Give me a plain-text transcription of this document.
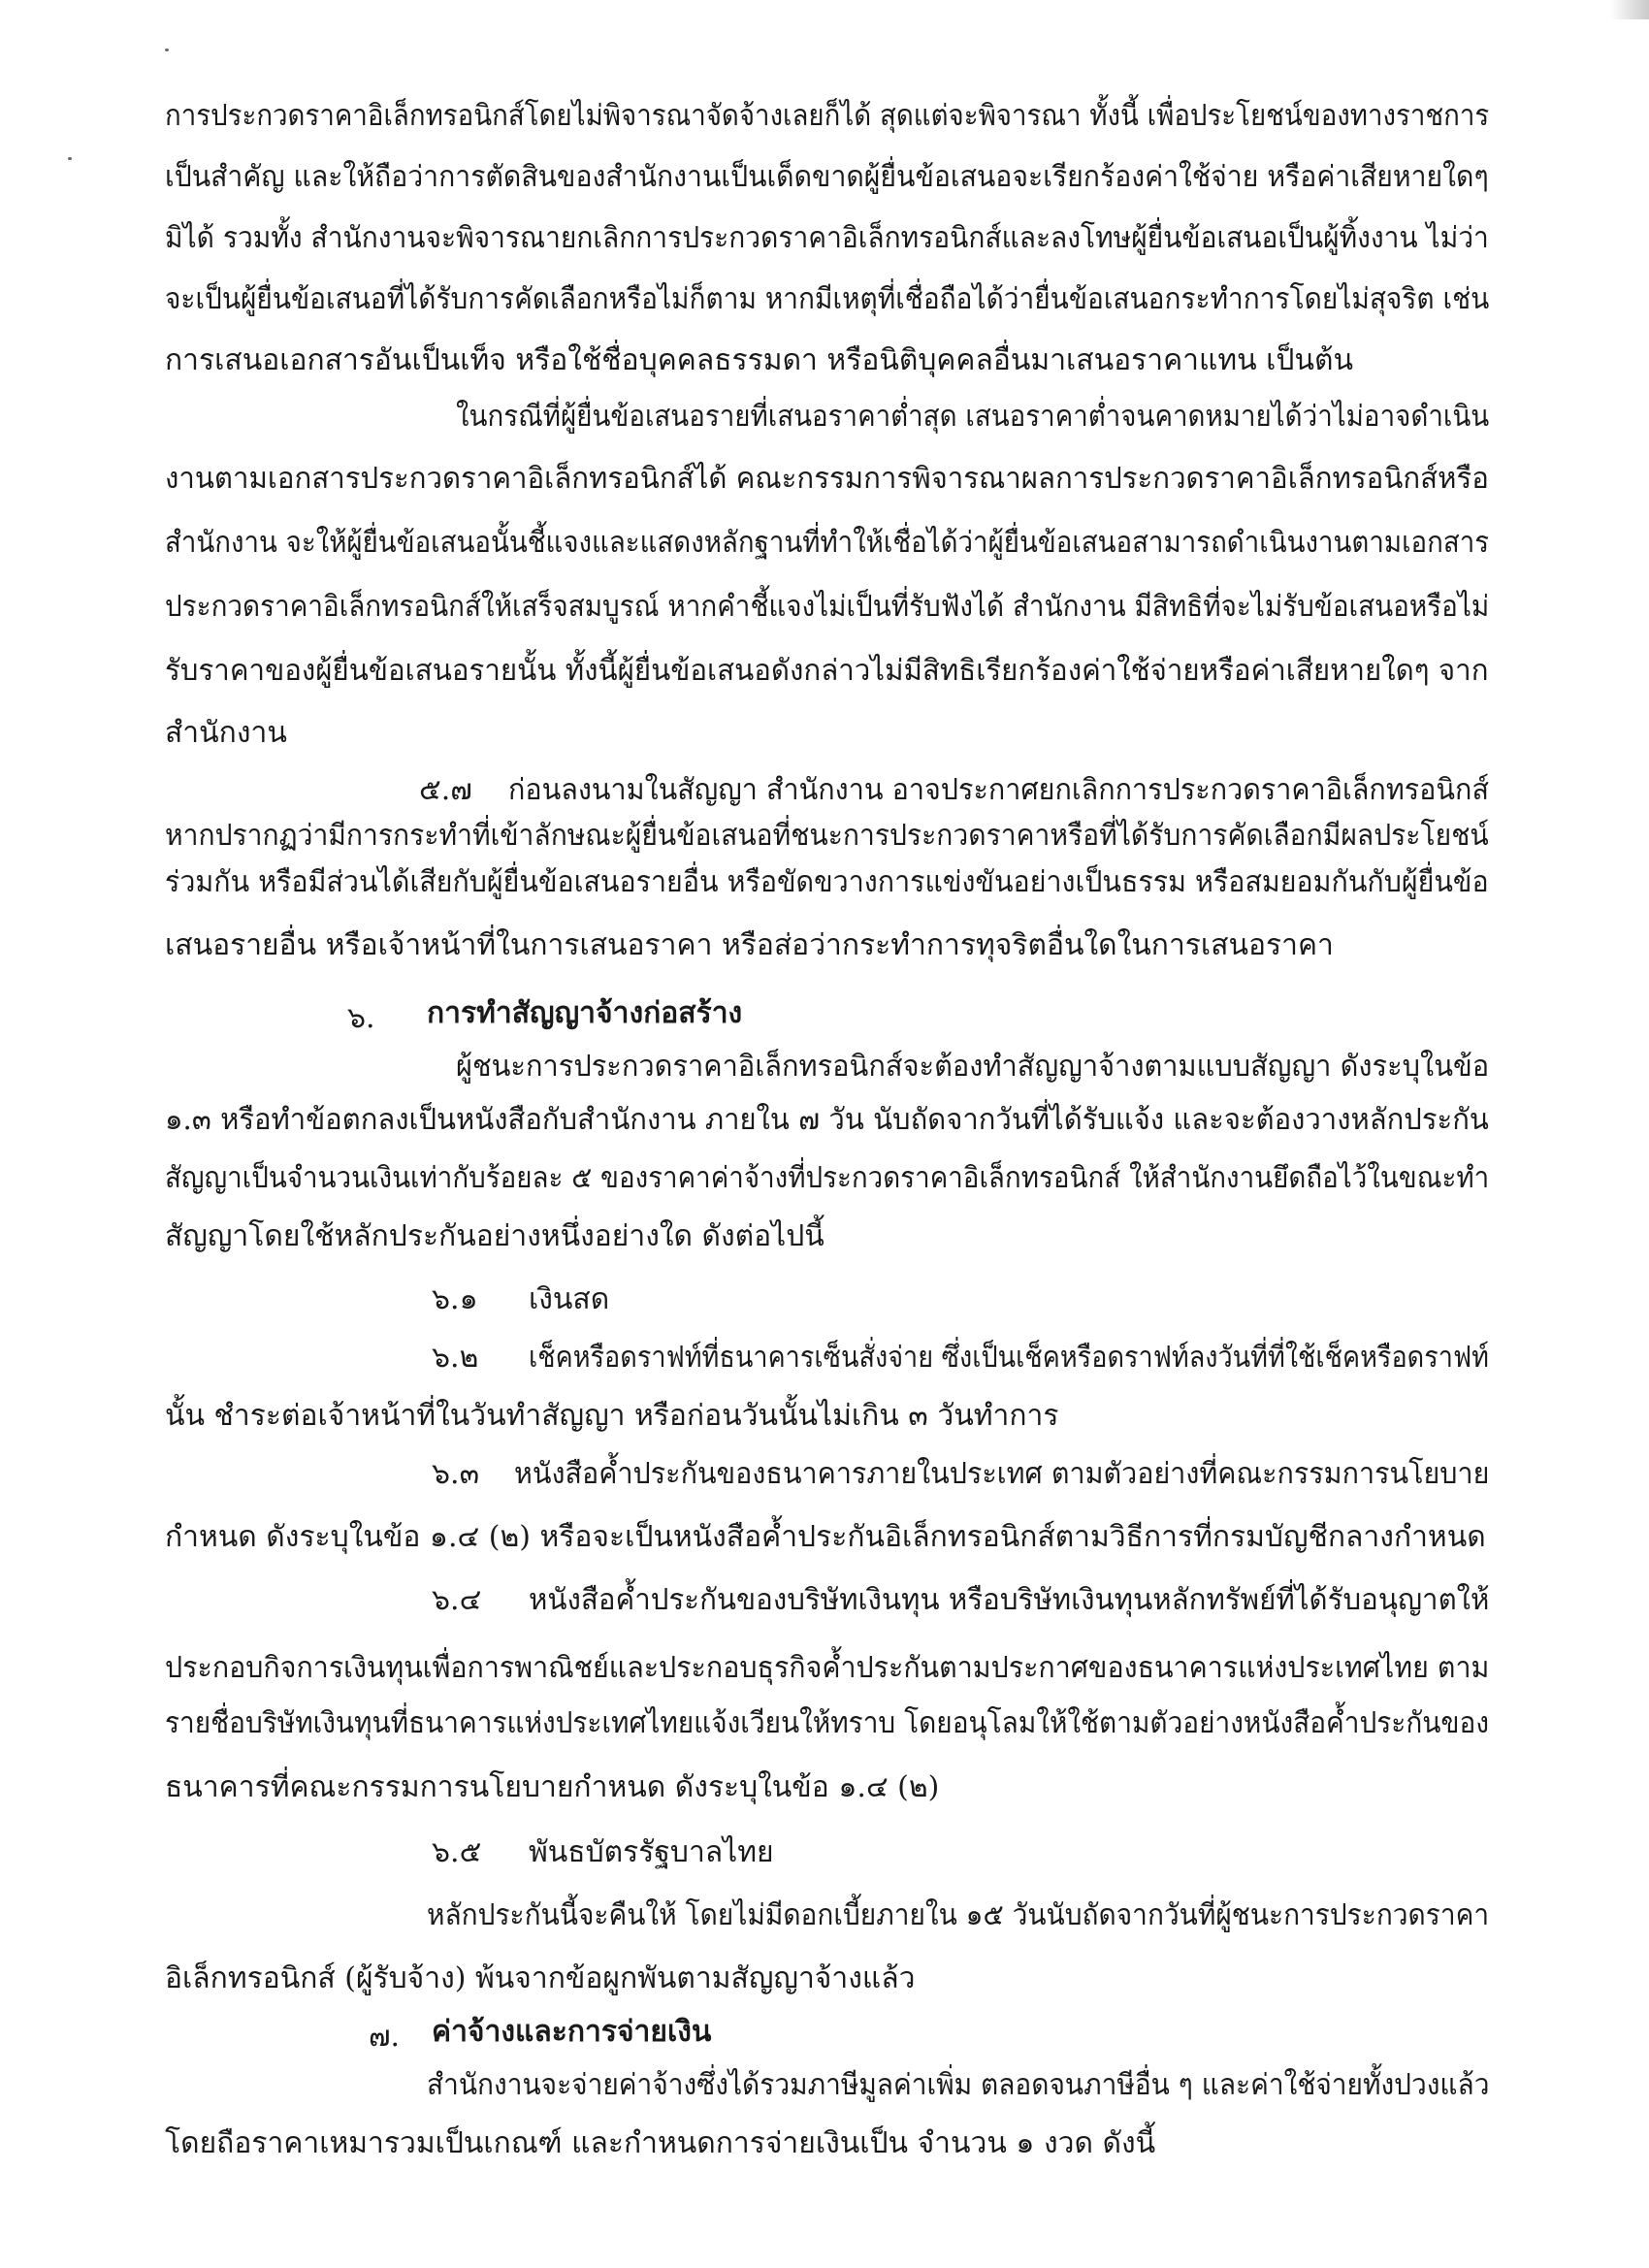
การประกวดราคาอิเล็กทรอนิกส์โดยไม่พิจารณาจัดจ้างเลยก็ได้ สุดแต่จะพิจารณา ทั้งนี้ เพื่อประโยชน์ของทางราชการ
เป็นสำคัญ และให้ถือว่าการตัดสินของสำนักงานเป็นเด็ดขาดผู้ยื่นข้อเสนอจะเรียกร้องค่าใช้จ่าย หรือค่าเสียหายใดๆ
มิได้ รวมทั้ง สำนักงานจะพิจารณายกเลิกการประกวดราคาอิเล็กทรอนิกส์และลงโทษผู้ยื่นข้อเสนอเป็นผู้ทิ้งงาน ไม่ว่า
จะเป็นผู้ยื่นข้อเสนอที่ได้รับการคัดเลือกหรือไม่ก็ตาม หากมีเหตุที่เชื่อถือได้ว่ายื่นข้อเสนอกระทำการโดยไม่สุจริต เช่น
การเสนอเอกสารอันเป็นเท็จ หรือใช้ชื่อบุคคลธรรมดา หรือนิติบุคคลอื่นมาเสนอราคาแทน เป็นต้น
ในกรณีที่ผู้ยื่นข้อเสนอรายที่เสนอราคาต่ำสุด เสนอราคาต่ำจนคาดหมายได้ว่าไม่อาจดำเนิน
งานตามเอกสารประกวดราคาอิเล็กทรอนิกส์ได้ คณะกรรมการพิจารณาผลการประกวดราคาอิเล็กทรอนิกส์หรือ
สำนักงาน จะให้ผู้ยื่นข้อเสนอนั้นชี้แจงและแสดงหลักฐานที่ทำให้เชื่อได้ว่าผู้ยื่นข้อเสนอสามารถดำเนินงานตามเอกสาร
ประกวดราคาอิเล็กทรอนิกส์ให้เสร็จสมบูรณ์ หากคำชี้แจงไม่เป็นที่รับฟังได้ สำนักงาน มีสิทธิที่จะไม่รับข้อเสนอหรือไม่
รับราคาของผู้ยื่นข้อเสนอรายนั้น ทั้งนี้ผู้ยื่นข้อเสนอดังกล่าวไม่มีสิทธิเรียกร้องค่าใช้จ่ายหรือค่าเสียหายใดๆ จาก
สำนักงาน
๕.๗ ก่อนลงนามในสัญญา สำนักงาน อาจประกาศยกเลิกการประกวดราคาอิเล็กทรอนิกส์
หากปรากฏว่ามีการกระทำที่เข้าลักษณะผู้ยื่นข้อเสนอที่ชนะการประกวดราคาหรือที่ได้รับการคัดเลือกมีผลประโยชน์
ร่วมกัน หรือมีส่วนได้เสียกับผู้ยื่นข้อเสนอรายอื่น หรือขัดขวางการแข่งขันอย่างเป็นธรรม หรือสมยอมกันกับผู้ยื่นข้อ
เสนอรายอื่น หรือเจ้าหน้าที่ในการเสนอราคา หรือส่อว่ากระทำการทุจริตอื่นใดในการเสนอราคา
๖. การทำสัญญาจ้างก่อสร้าง
ผู้ชนะการประกวดราคาอิเล็กทรอนิกส์จะต้องทำสัญญาจ้างตามแบบสัญญา ดังระบุในข้อ
๑.๓ หรือทำข้อตกลงเป็นหนังสือกับสำนักงาน ภายใน ๗ วัน นับถัดจากวันที่ได้รับแจ้ง และจะต้องวางหลักประกัน
สัญญาเป็นจำนวนเงินเท่ากับร้อยละ ๕ ของราคาค่าจ้างที่ประกวดราคาอิเล็กทรอนิกส์ ให้สำนักงานยึดถือไว้ในขณะทำ
สัญญาโดยใช้หลักประกันอย่างหนึ่งอย่างใด ดังต่อไปนี้
๖.๑ เงินสด
๖.๒ เช็คหรือดราฟท์ที่ธนาคารเซ็นสั่งจ่าย ซึ่งเป็นเช็คหรือดราฟท์ลงวันที่ที่ใช้เช็คหรือดราฟท์
นั้น ชำระต่อเจ้าหน้าที่ในวันทำสัญญา หรือก่อนวันนั้นไม่เกิน ๓ วันทำการ
๖.๓ หนังสือค้ำประกันของธนาคารภายในประเทศ ตามตัวอย่างที่คณะกรรมการนโยบาย
กำหนด ดังระบุในข้อ ๑.๔ (๒) หรือจะเป็นหนังสือค้ำประกันอิเล็กทรอนิกส์ตามวิธีการที่กรมบัญชีกลางกำหนด
๖.๔ หนังสือค้ำประกันของบริษัทเงินทุน หรือบริษัทเงินทุนหลักทรัพย์ที่ได้รับอนุญาตให้
ประกอบกิจการเงินทุนเพื่อการพาณิชย์และประกอบธุรกิจค้ำประกันตามประกาศของธนาคารแห่งประเทศไทย ตาม
รายชื่อบริษัทเงินทุนที่ธนาคารแห่งประเทศไทยแจ้งเวียนให้ทราบ โดยอนุโลมให้ใช้ตามตัวอย่างหนังสือค้ำประกันของ
ธนาคารที่คณะกรรมการนโยบายกำหนด ดังระบุในข้อ ๑.๔ (๒)
๖.๕ พันธบัตรรัฐบาลไทย
หลักประกันนี้จะคืนให้ โดยไม่มีดอกเบี้ยภายใน ๑๕ วันนับถัดจากวันที่ผู้ชนะการประกวดราคา
อิเล็กทรอนิกส์ (ผู้รับจ้าง) พ้นจากข้อผูกพันตามสัญญาจ้างแล้ว
๗. ค่าจ้างและการจ่ายเงิน
สำนักงานจะจ่ายค่าจ้างซึ่งได้รวมภาษีมูลค่าเพิ่ม ตลอดจนภาษีอื่น ๆ และค่าใช้จ่ายทั้งปวงแล้ว
โดยถือราคาเหมารวมเป็นเกณฑ์ และกำหนดการจ่ายเงินเป็น จำนวน ๑ งวด ดังนี้
